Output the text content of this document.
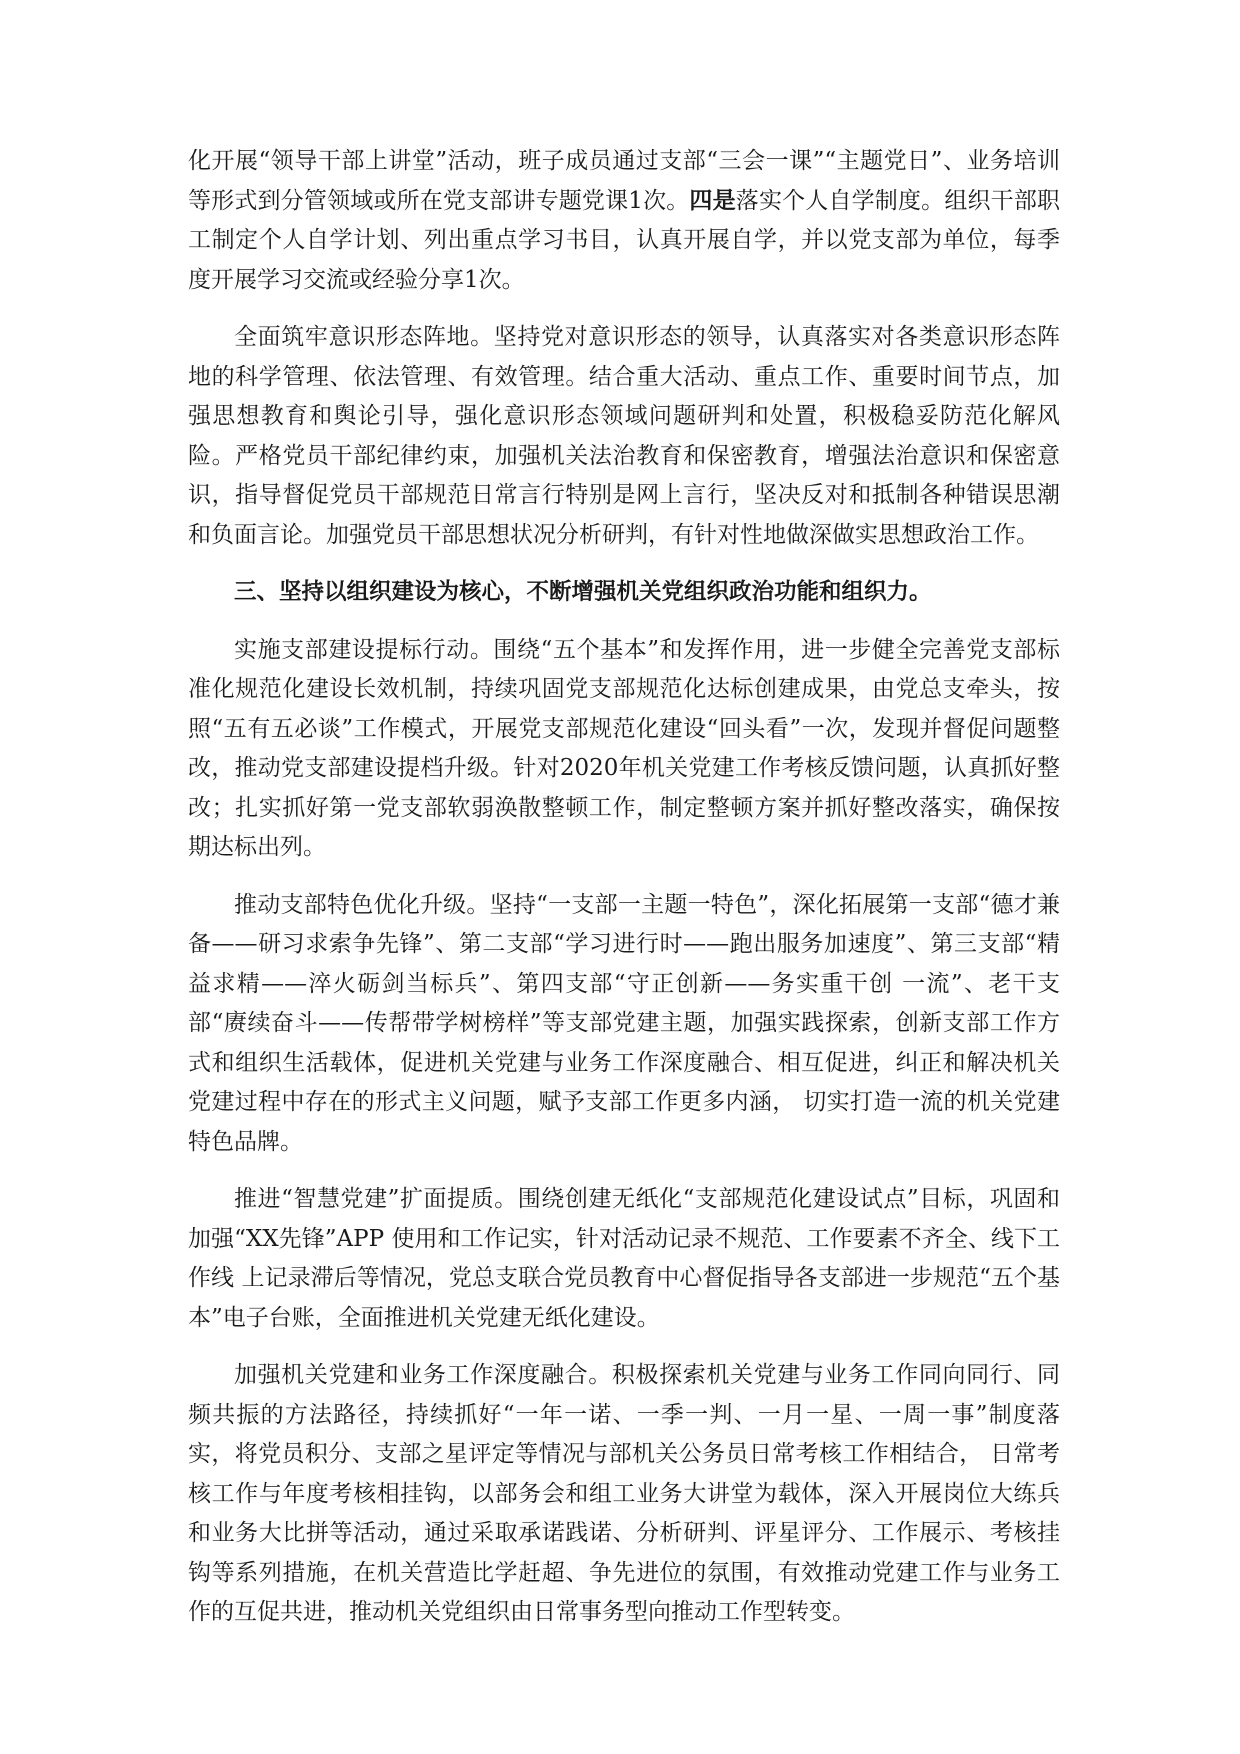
化开展“领导干部上讲堂”活动，班子成员通过支部“三会一课”“主题党日”、业务培训等形式到分管领域或所在党支部讲专题党课1次。四是落实个人自学制度。组织干部职工制定个人自学计划、列出重点学习书目，认真开展自学，并以党支部为单位，每季度开展学习交流或经验分享1次。

全面筑牢意识形态阵地。坚持党对意识形态的领导，认真落实对各类意识形态阵地的科学管理、依法管理、有效管理。结合重大活动、重点工作、重要时间节点，加强思想教育和舆论引导，强化意识形态领域问题研判和处置，积极稳妥防范化解风险。严格党员干部纪律约束，加强机关法治教育和保密教育，增强法治意识和保密意识，指导督促党员干部规范日常言行特别是网上言行，坚决反对和抵制各种错误思潮和负面言论。加强党员干部思想状况分析研判，有针对性地做深做实思想政治工作。

三、坚持以组织建设为核心，不断增强机关党组织政治功能和组织力。

实施支部建设提标行动。围绕“五个基本”和发挥作用，进一步健全完善党支部标准化规范化建设长效机制，持续巩固党支部规范化达标创建成果，由党总支牵头，按照“五有五必谈”工作模式，开展党支部规范化建设“回头看”一次，发现并督促问题整改，推动党支部建设提档升级。针对2020年机关党建工作考核反馈问题，认真抓好整改；扎实抓好第一党支部软弱涣散整顿工作，制定整顿方案并抓好整改落实，确保按期达标出列。

推动支部特色优化升级。坚持“一支部一主题一特色”，深化拓展第一支部“德才兼备——研习求索争先锋”、第二支部“学习进行时——跑出服务加速度”、第三支部“精益求精——淬火砺剑当标兵”、第四支部“守正创新——务实重干创 一流”、老干支部“赓续奋斗——传帮带学树榜样”等支部党建主题，加强实践探索，创新支部工作方式和组织生活载体，促进机关党建与业务工作深度融合、相互促进，纠正和解决机关党建过程中存在的形式主义问题，赋予支部工作更多内涵， 切实打造一流的机关党建特色品牌。

推进“智慧党建”扩面提质。围绕创建无纸化“支部规范化建设试点”目标，巩固和加强“XX先锋”APP 使用和工作记实，针对活动记录不规范、工作要素不齐全、线下工作线 上记录滞后等情况，党总支联合党员教育中心督促指导各支部进一步规范“五个基本”电子台账，全面推进机关党建无纸化建设。

加强机关党建和业务工作深度融合。积极探索机关党建与业务工作同向同行、同频共振的方法路径，持续抓好“一年一诺、一季一判、一月一星、一周一事”制度落实，将党员积分、支部之星评定等情况与部机关公务员日常考核工作相结合， 日常考核工作与年度考核相挂钩，以部务会和组工业务大讲堂为载体，深入开展岗位大练兵和业务大比拼等活动，通过采取承诺践诺、分析研判、评星评分、工作展示、考核挂钩等系列措施，在机关营造比学赶超、争先进位的氛围，有效推动党建工作与业务工作的互促共进，推动机关党组织由日常事务型向推动工作型转变。
